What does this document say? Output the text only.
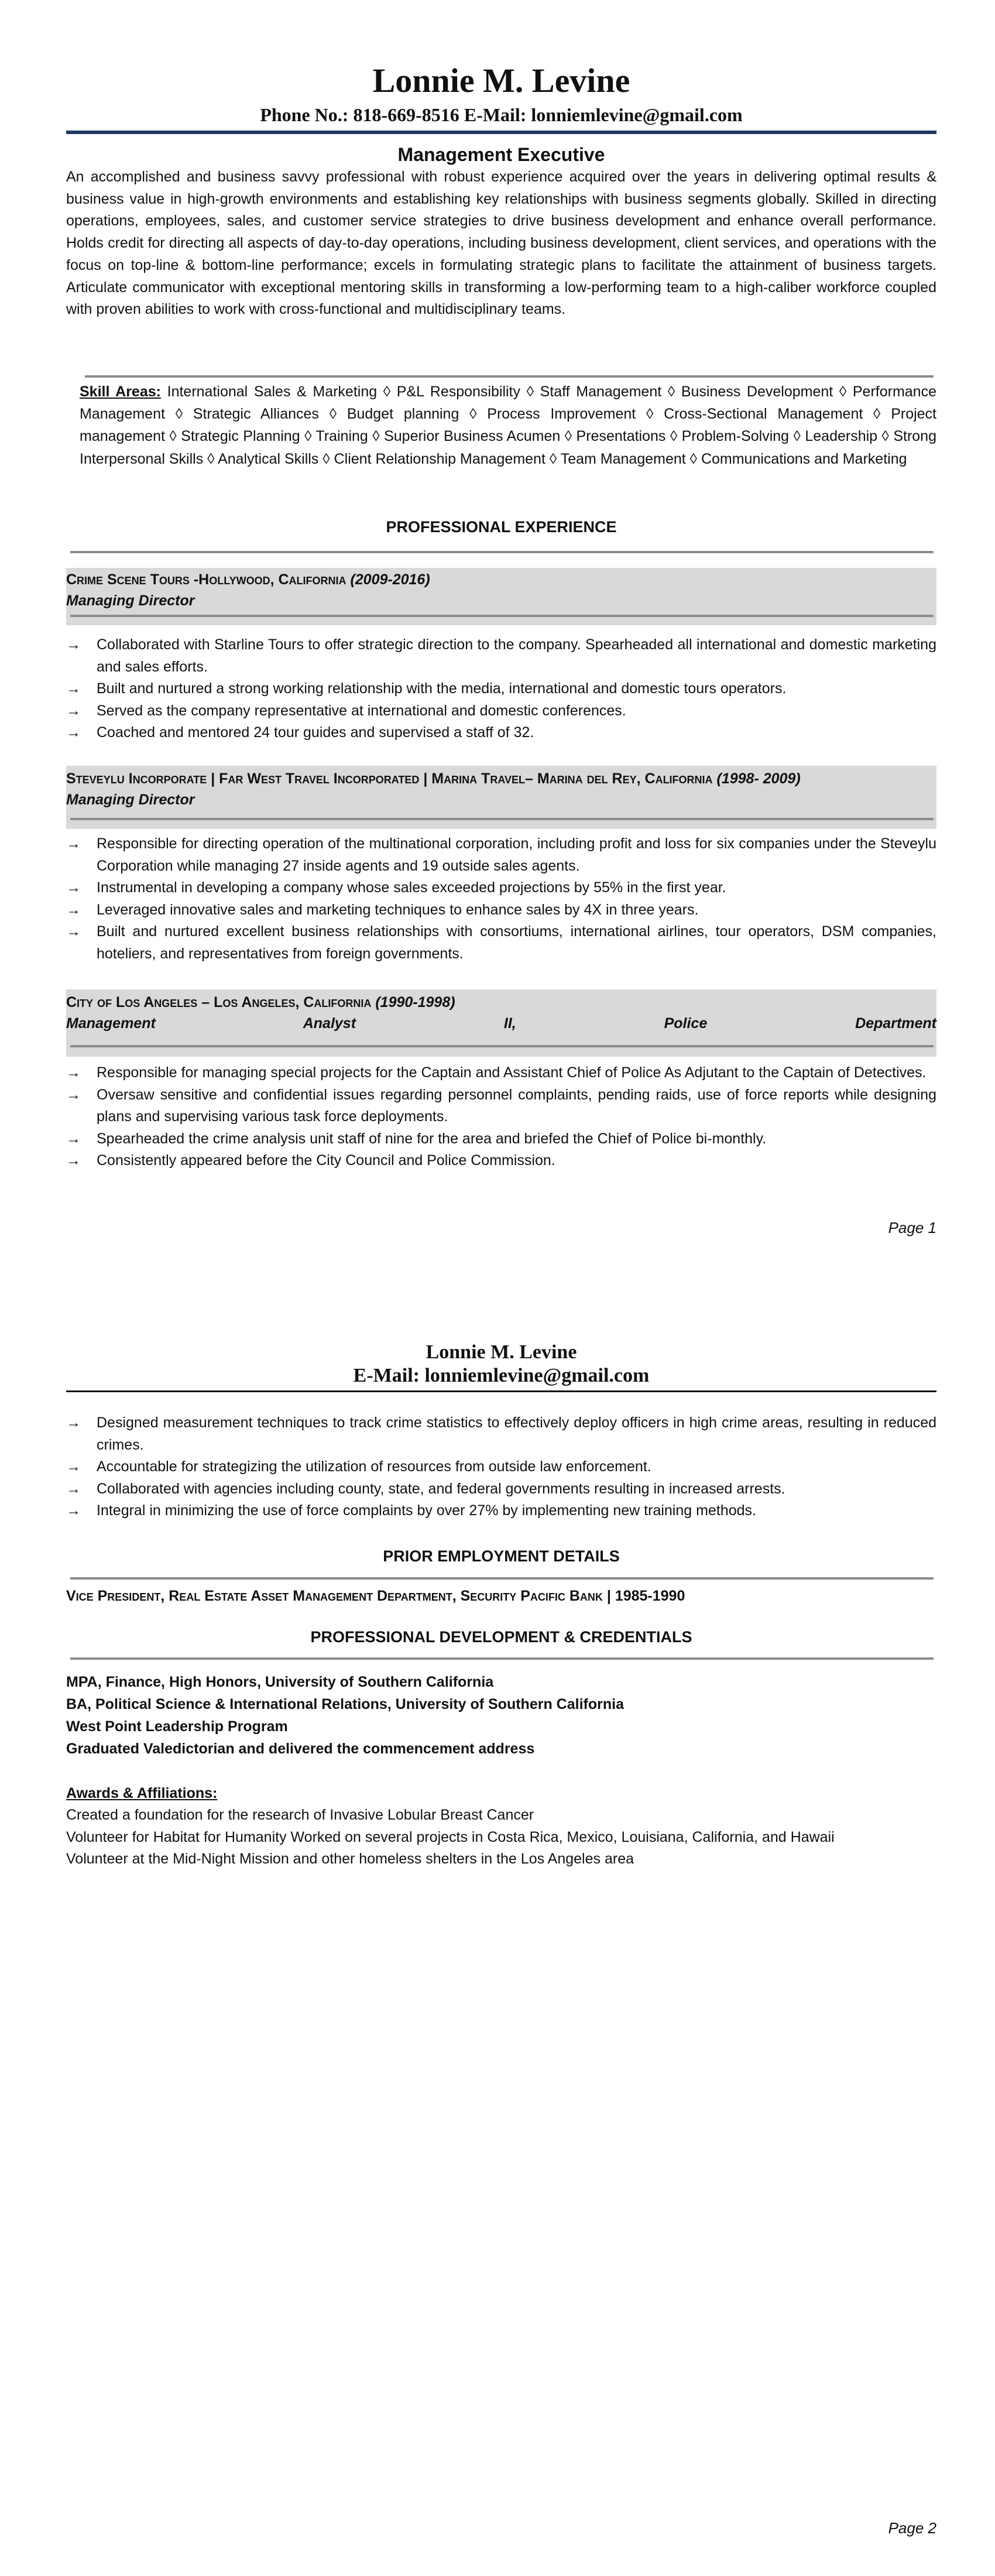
Lonnie M. Levine
Phone No.: 818-669-8516 E-Mail: lonniemlevine@gmail.com
Management Executive
An accomplished and business savvy professional with robust experience acquired over the years in delivering optimal results & business value in high-growth environments and establishing key relationships with business segments globally. Skilled in directing operations, employees, sales, and customer service strategies to drive business development and enhance overall performance. Holds credit for directing all aspects of day-to-day operations, including business development, client services, and operations with the focus on top-line & bottom-line performance; excels in formulating strategic plans to facilitate the attainment of business targets. Articulate communicator with exceptional mentoring skills in transforming a low-performing team to a high-caliber workforce coupled with proven abilities to work with cross-functional and multidisciplinary teams.
Skill Areas: International Sales & Marketing ◊ P&L Responsibility ◊ Staff Management ◊ Business Development ◊ Performance Management ◊ Strategic Alliances ◊ Budget planning ◊ Process Improvement ◊ Cross-Sectional Management ◊ Project management ◊ Strategic Planning ◊ Training ◊ Superior Business Acumen ◊ Presentations ◊ Problem-Solving ◊ Leadership ◊ Strong Interpersonal Skills ◊ Analytical Skills ◊ Client Relationship Management ◊ Team Management ◊ Communications and Marketing
PROFESSIONAL EXPERIENCE
Crime Scene Tours -Hollywood, California (2009-2016)
Managing Director
→ Collaborated with Starline Tours to offer strategic direction to the company. Spearheaded all international and domestic marketing and sales efforts.
→ Built and nurtured a strong working relationship with the media, international and domestic tours operators.
→ Served as the company representative at international and domestic conferences.
→ Coached and mentored 24 tour guides and supervised a staff of 32.
Steveylu Incorporate | Far West Travel Incorporated | Marina Travel– Marina del Rey, California (1998- 2009)
Managing Director
→ Responsible for directing operation of the multinational corporation, including profit and loss for six companies under the Steveylu Corporation while managing 27 inside agents and 19 outside sales agents.
→ Instrumental in developing a company whose sales exceeded projections by 55% in the first year.
→ Leveraged innovative sales and marketing techniques to enhance sales by 4X in three years.
→ Built and nurtured excellent business relationships with consortiums, international airlines, tour operators, DSM companies, hoteliers, and representatives from foreign governments.
City of Los Angeles – Los Angeles, California (1990-1998)
Management Analyst II, Police Department
→ Responsible for managing special projects for the Captain and Assistant Chief of Police As Adjutant to the Captain of Detectives.
→ Oversaw sensitive and confidential issues regarding personnel complaints, pending raids, use of force reports while designing plans and supervising various task force deployments.
→ Spearheaded the crime analysis unit staff of nine for the area and briefed the Chief of Police bi-monthly.
→ Consistently appeared before the City Council and Police Commission.
Page 1
Lonnie M. Levine
E-Mail: lonniemlevine@gmail.com
→ Designed measurement techniques to track crime statistics to effectively deploy officers in high crime areas, resulting in reduced crimes.
→ Accountable for strategizing the utilization of resources from outside law enforcement.
→ Collaborated with agencies including county, state, and federal governments resulting in increased arrests.
→ Integral in minimizing the use of force complaints by over 27% by implementing new training methods.
PRIOR EMPLOYMENT DETAILS
Vice President, Real Estate Asset Management Department, Security Pacific Bank | 1985-1990
PROFESSIONAL DEVELOPMENT & CREDENTIALS
MPA, Finance, High Honors, University of Southern California
BA, Political Science & International Relations, University of Southern California
West Point Leadership Program
Graduated Valedictorian and delivered the commencement address
Awards & Affiliations:
Created a foundation for the research of Invasive Lobular Breast Cancer
Volunteer for Habitat for Humanity Worked on several projects in Costa Rica, Mexico, Louisiana, California, and Hawaii
Volunteer at the Mid-Night Mission and other homeless shelters in the Los Angeles area
Page 2
